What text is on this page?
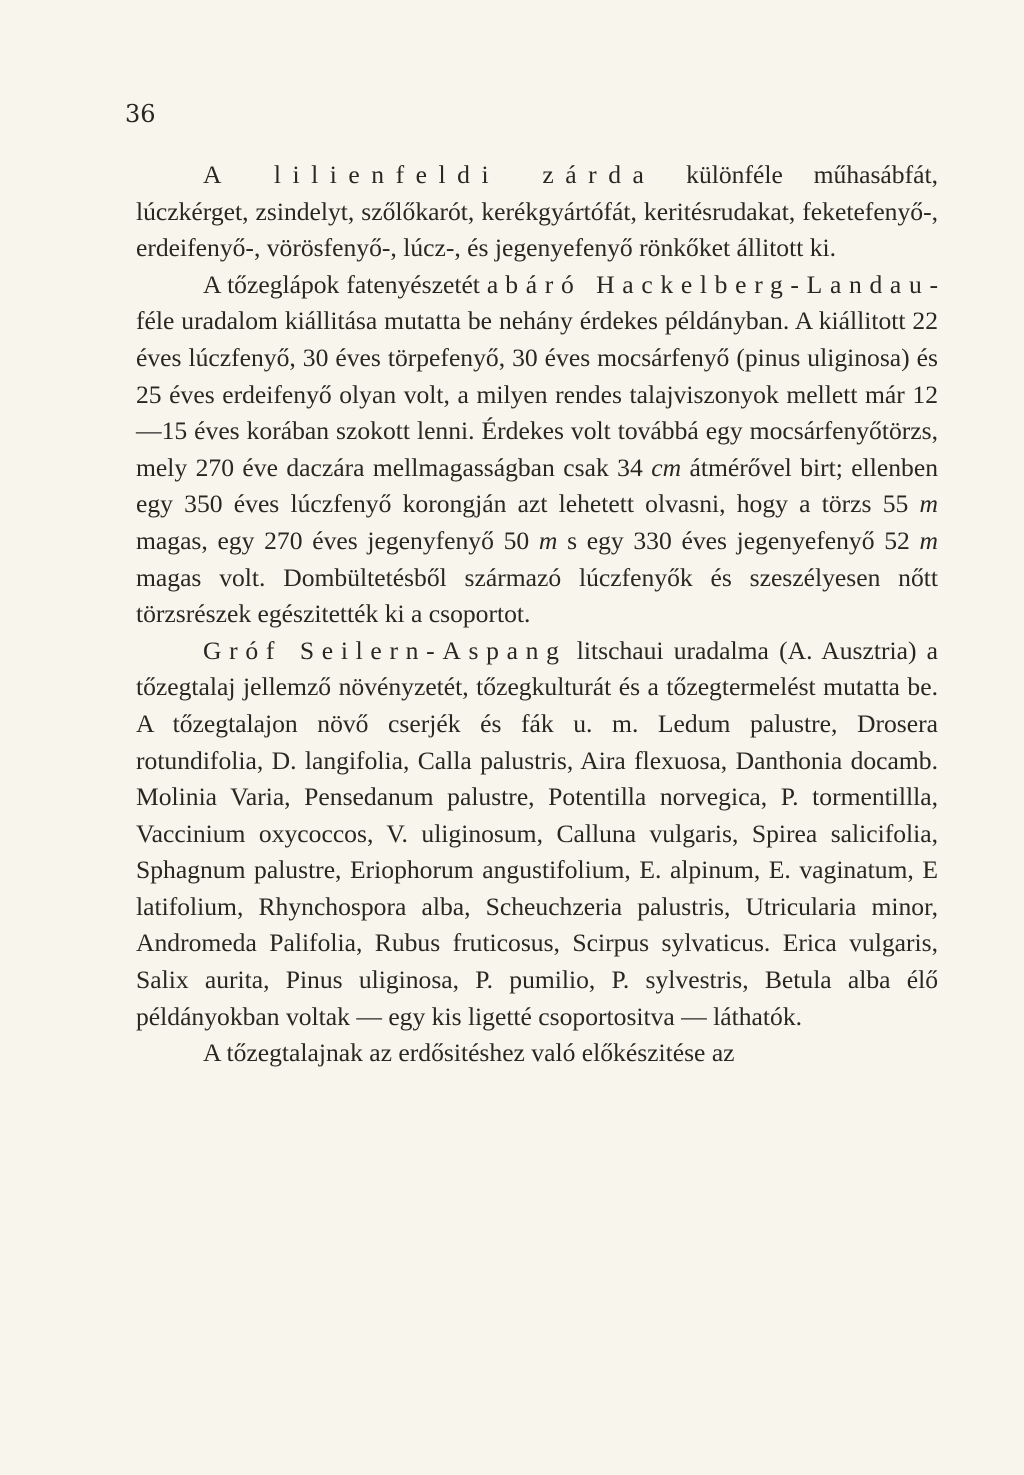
36

A lilienfeldi zárda különféle műhasábfát, lúczkérget, zsindelyt, szőlőkarót, kerékgyártófát, keritésrudakat, feketefenyő-, erdeifenyő-, vörösfenyő-, lúcz-, és jegenyefenyő rönkőket állitott ki.

A tőzeglápok fatenyészetét a báró Hackelberg-Landau-féle uradalom kiállitása mutatta be nehány érdekes példányban. A kiállitott 22 éves lúczfenyő, 30 éves törpefenyő, 30 éves mocsárfenyő (pinus uliginosa) és 25 éves erdeifenyő olyan volt, a milyen rendes talajviszonyok mellett már 12—15 éves korában szokott lenni. Érdekes volt továbbá egy mocsárfenyőtörzs, mely 270 éve daczára mellmagasságban csak 34 cm átmérővel birt; ellenben egy 350 éves lúczfenyő korongján azt lehetett olvasni, hogy a törzs 55 m magas, egy 270 éves jegenyfenyő 50 m s egy 330 éves jegenyefenyő 52 m magas volt. Dombültetésből származó lúczfenyők és szeszélyesen nőtt törzsrészek egészitették ki a csoportot.

Gróf Seilern-Aspang litschaui uradalma (A. Ausztria) a tőzegtalaj jellemző növényzetét, tőzegkulturát és a tőzegtermelést mutatta be. A tőzegtalajon növő cserjék és fák u. m. Ledum palustre, Drosera rotundifolia, D. langifolia, Calla palustris, Aira flexuosa, Danthonia docamb. Molinia Varia, Pensedanum palustre, Potentilla norvegica, P. tormentillla, Vaccinium oxycoccos, V. uliginosum, Calluna vulgaris, Spirea salicifolia, Sphagnum palustre, Eriophorum angustifolium, E. alpinum, E. vaginatum, E latifolium, Rhynchospora alba, Scheuchzeria palustris, Utricularia minor, Andromeda Palifolia, Rubus fruticosus, Scirpus sylvaticus. Erica vulgaris, Salix aurita, Pinus uliginosa, P. pumilio, P. sylvestris, Betula alba élő példányokban voltak — egy kis ligetté csoportositva — láthatók.

A tőzegtalajnak az erdősitéshez való előkészitése az
